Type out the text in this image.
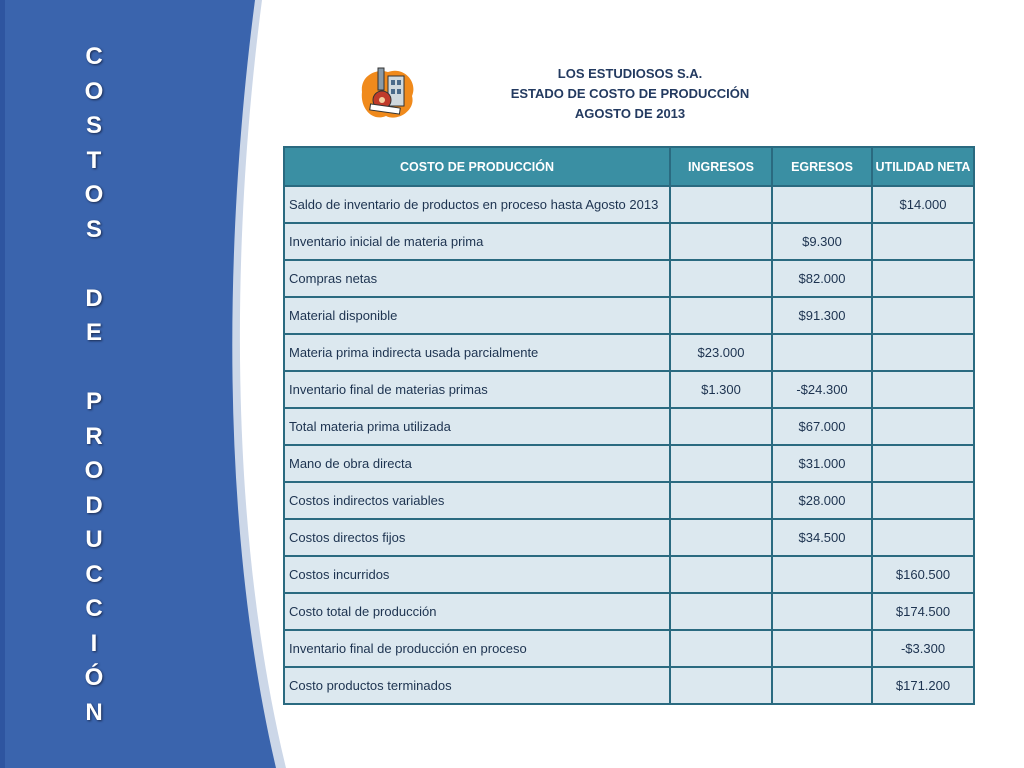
C
O
S
T
O
S
D
E
P
R
O
D
U
C
C
I
Ó
N
LOS ESTUDIOSOS S.A.
ESTADO DE COSTO DE PRODUCCIÓN
AGOSTO DE 2013
COSTO DE PRODUCCIÓN	INGRESOS	EGRESOS	UTILIDAD NETA
Saldo de inventario de productos en proceso hasta Agosto 2013			$14.000
Inventario inicial de materia prima		$9.300	
Compras netas		$82.000	
Material disponible		$91.300	
Materia prima indirecta usada parcialmente	$23.000		
Inventario final de materias primas	$1.300	-$24.300	
Total materia prima utilizada		$67.000	
Mano de obra directa		$31.000	
Costos indirectos variables		$28.000	
Costos directos fijos		$34.500	
Costos incurridos			$160.500
Costo total de producción			$174.500
Inventario final de producción en proceso			-$3.300
Costo productos terminados			$171.200
